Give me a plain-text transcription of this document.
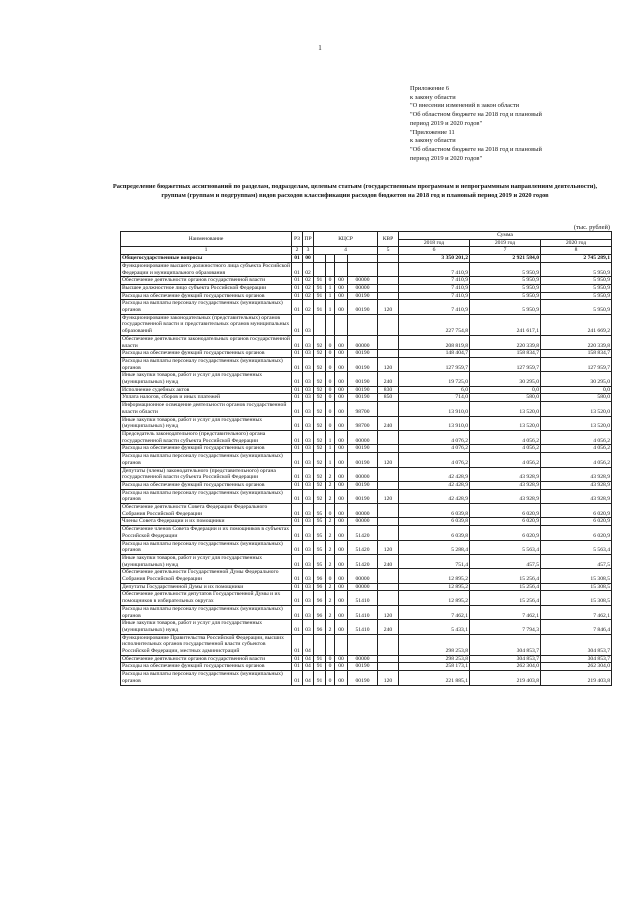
1
Приложение 6
к закону области
"О внесении изменений в закон области
"Об областном бюджете на 2018 год и плановый
период 2019 и 2020 годов"
"Приложение 11
к закону области
"Об областном бюджете на 2018 год и плановый
период 2019 и 2020 годов"
Распределение бюджетных ассигнований по разделам, подразделам, целевым статьям (государственным программам и непрограммным направлениям деятельности), группам (группам и подгруппам) видов расходов классификации расходов бюджетов на 2018 год и плановый период 2019 и 2020 годов
(тыс. рублей)
Наименование	РЗ	ПР	КЦСР				КВР	Сумма		
								2018 год	2019 год	2020 год
1	2	3	4				5	6	7	8
Общегосударственные вопросы	01	00						3 350 201,2	2 921 584,0	2 745 289,1
Функционирование высшего должностного лица субъекта Российской Федерации и муниципального образования	01	02						7 410,9	5 950,9	5 950,9
Обеспечение деятельности органов государственной власти	01	02	91	0	00	00000		7 410,9	5 950,9	5 950,9
Высшее должностное лицо субъекта Российской Федерации	01	02	91	1	00	00000		7 410,9	5 950,9	5 950,9
Расходы на обеспечение функций государственных органов	01	02	91	1	00	00190		7 410,9	5 950,9	5 950,9
Расходы на выплаты персоналу государственных (муниципальных) органов	01	02	91	1	00	00190	120	7 410,9	5 950,9	5 950,9
Функционирование законодательных (представительных) органов государственной власти и представительных органов муниципальных образований	01	03						227 754,8	241 617,1	241 669,2
Обеспечение деятельности законодательных органов государственной власти	01	03	92	0	00	00000		208 819,8	220 339,8	220 339,8
Расходы на обеспечение функций государственных органов	01	03	92	0	00	00190		148 404,7	158 834,7	158 834,7
Расходы на выплаты персоналу государственных (муниципальных) органов	01	03	92	0	00	00190	120	127 959,7	127 959,7	127 959,7
Иные закупки товаров, работ и услуг для государственных (муниципальных) нужд	01	03	92	0	00	00190	240	19 725,0	30 295,0	30 295,0
Исполнение судебных актов	01	03	92	0	00	00190	830	6,0	0,0	0,0
Уплата налогов, сборов и иных платежей	01	03	92	0	00	00190	850	714,0	580,0	580,0
Информационное освещение деятельности органов государственной власти области	01	03	92	0	00	98700		13 910,0	13 520,0	13 520,0
Иные закупки товаров, работ и услуг для государственных (муниципальных) нужд	01	03	92	0	00	98700	240	13 910,0	13 520,0	13 520,0
Председатель законодательного (представительного) органа государственной власти субъекта Российской Федерации	01	03	92	1	00	00000		4 076,2	4 056,2	4 056,2
Расходы на обеспечение функций государственных органов	01	03	92	1	00	00190		4 076,2	4 056,2	4 056,2
Расходы на выплаты персоналу государственных (муниципальных) органов	01	03	92	1	00	00190	120	4 076,2	4 056,2	4 056,2
Депутаты (члены) законодательного (представительного) органа государственной власти субъекта Российской Федерации	01	03	92	2	00	00000		42 428,9	43 928,9	43 928,9
Расходы на обеспечение функций государственных органов	01	03	92	2	00	00190		42 428,9	43 928,9	43 928,9
Расходы на выплаты персоналу государственных (муниципальных) органов	01	03	92	2	00	00190	120	42 428,9	43 928,9	43 928,9
Обеспечение деятельности Совета Федерации Федерального Собрания Российской Федерации	01	03	95	0	00	00000		6 039,8	6 020,9	6 020,9
Члены Совета Федерации и их помощники	01	03	95	2	00	00000		6 039,8	6 020,9	6 020,9
Обеспечение членов Совета Федерации и их помощников в субъектах Российской Федерации	01	03	95	2	00	51420		6 039,8	6 020,9	6 020,9
Расходы на выплаты персоналу государственных (муниципальных) органов	01	03	95	2	00	51420	120	5 288,4	5 563,4	5 563,4
Иные закупки товаров, работ и услуг для государственных (муниципальных) нужд	01	03	95	2	00	51420	240	751,4	457,5	457,5
Обеспечение деятельности Государственной Думы Федерального Собрания Российской Федерации	01	03	96	0	00	00000		12 895,2	15 256,4	15 308,5
Депутаты Государственной Думы и их помощники	01	03	96	2	00	00000		12 895,2	15 256,4	15 308,5
Обеспечение деятельности депутатов Государственной Думы и их помощников в избирательных округах	01	03	96	2	00	51410		12 895,2	15 256,4	15 308,5
Расходы на выплаты персоналу государственных (муниципальных) органов	01	03	96	2	00	51410	120	7 462,1	7 462,1	7 462,1
Иные закупки товаров, работ и услуг для государственных (муниципальных) нужд	01	03	96	2	00	51410	240	5 433,1	7 794,3	7 846,4
Функционирование Правительства Российской Федерации, высших исполнительных органов государственной власти субъектов Российской Федерации, местных администраций	01	04						298 253,8	304 853,7	304 853,7
Обеспечение деятельности органов государственной власти	01	04	91	0	00	00000		298 253,8	304 853,7	304 853,7
Расходы на обеспечение функций государственных органов	01	04	91	0	00	00190		258 173,1	262 304,0	262 304,0
Расходы на выплаты персоналу государственных (муниципальных) органов	01	04	91	0	00	00190	120	221 885,1	219 403,8	219 403,8
